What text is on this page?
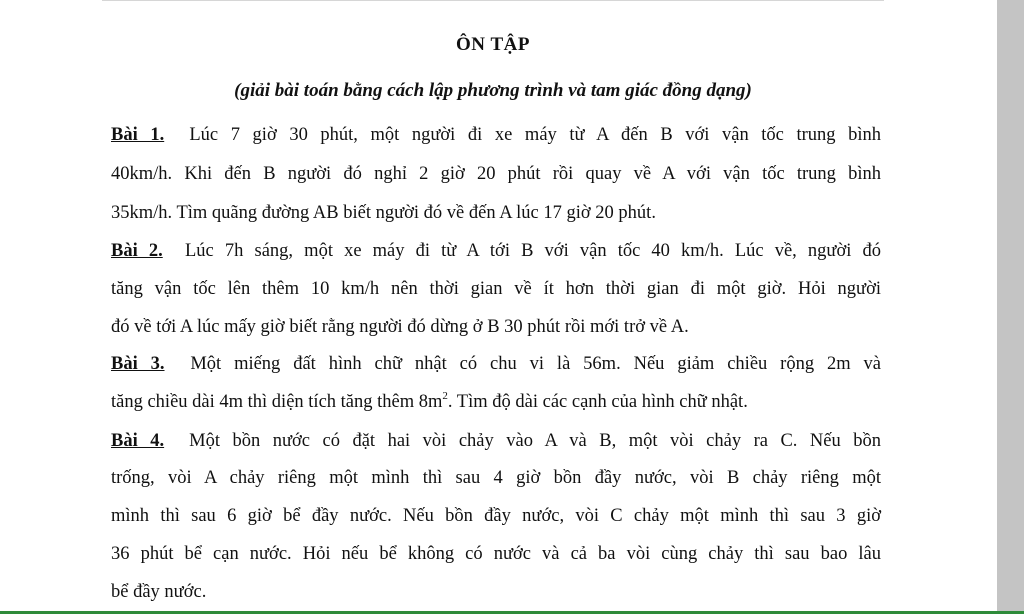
ÔN TẬP
(giải bài toán bằng cách lập phương trình và tam giác đồng dạng)
Bài 1. Lúc 7 giờ 30 phút, một người đi xe máy từ A đến B với vận tốc trung bình
40km/h. Khi đến B người đó nghỉ 2 giờ 20 phút rồi quay về A với vận tốc trung bình
35km/h. Tìm quãng đường AB biết người đó về đến A lúc 17 giờ 20 phút.
Bài 2. Lúc 7h sáng, một xe máy đi từ A tới B với vận tốc 40 km/h. Lúc về, người đó
tăng vận tốc lên thêm 10 km/h nên thời gian về ít hơn thời gian đi một giờ. Hỏi người
đó về tới A lúc mấy giờ biết rằng người đó dừng ở B 30 phút rồi mới trở về A.
Bài 3. Một miếng đất hình chữ nhật có chu vi là 56m. Nếu giảm chiều rộng 2m và
tăng chiều dài 4m thì diện tích tăng thêm $8m^2$. Tìm độ dài các cạnh của hình chữ nhật.
Bài 4. Một bồn nước có đặt hai vòi chảy vào A và B, một vòi chảy ra C. Nếu bồn
trống, vòi A chảy riêng một mình thì sau 4 giờ bồn đầy nước, vòi B chảy riêng một
mình thì sau 6 giờ bể đầy nước. Nếu bồn đầy nước, vòi C chảy một mình thì sau 3 giờ
36 phút bể cạn nước. Hỏi nếu bể không có nước và cả ba vòi cùng chảy thì sau bao lâu
bể đầy nước.
